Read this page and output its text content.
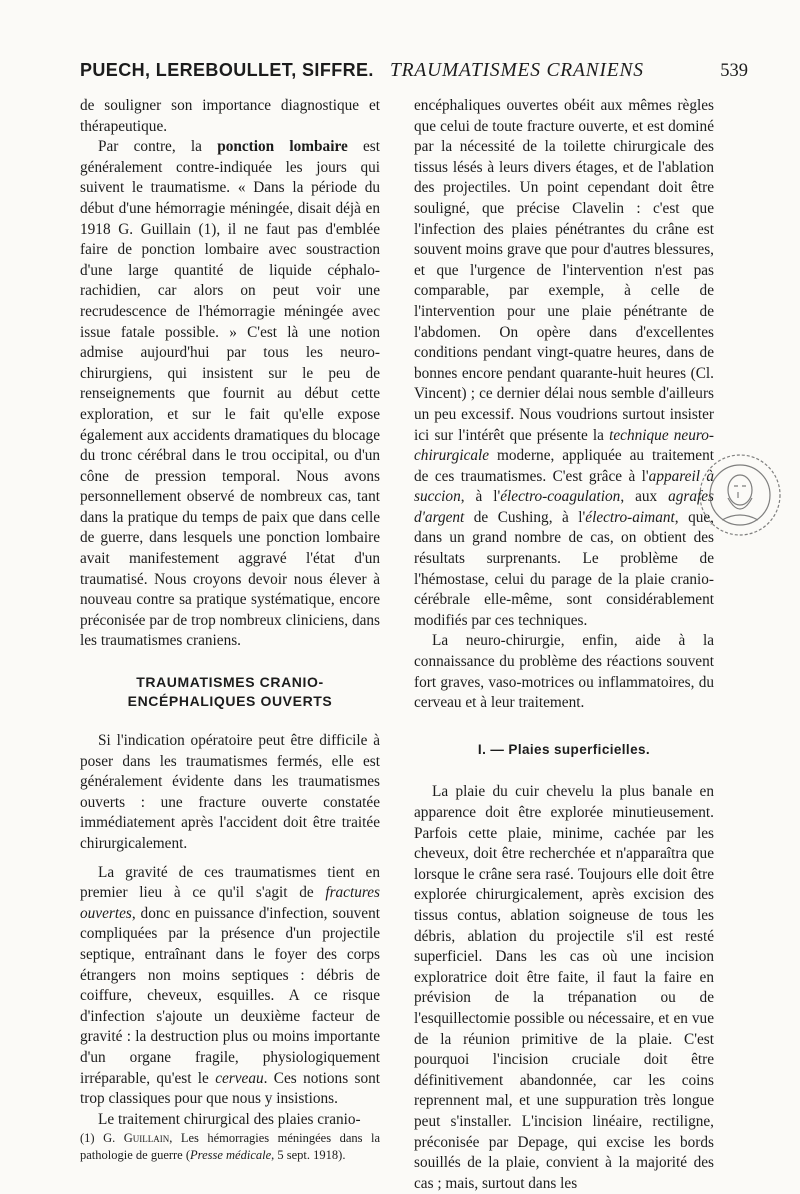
PUECH, LEREBOULLET, SIFFRE. TRAUMATISMES CRANIENS	539

de souligner son importance diagnostique et thérapeutique.

Par contre, la ponction lombaire est généralement contre-indiquée les jours qui suivent le traumatisme. « Dans la période du début d'une hémorragie méningée, disait déjà en 1918 G. Guillain (1), il ne faut pas d'emblée faire de ponction lombaire avec soustraction d'une large quantité de liquide céphalo-rachidien, car alors on peut voir une recrudescence de l'hémorragie méningée avec issue fatale possible. » C'est là une notion admise aujourd'hui par tous les neuro-chirurgiens, qui insistent sur le peu de renseignements que fournit au début cette exploration, et sur le fait qu'elle expose également aux accidents dramatiques du blocage du tronc cérébral dans le trou occipital, ou d'un cône de pression temporal. Nous avons personnellement observé de nombreux cas, tant dans la pratique du temps de paix que dans celle de guerre, dans lesquels une ponction lombaire avait manifestement aggravé l'état d'un traumatisé. Nous croyons devoir nous élever à nouveau contre sa pratique systématique, encore préconisée par de trop nombreux cliniciens, dans les traumatismes craniens.

TRAUMATISMES CRANIO-ENCÉPHALIQUES OUVERTS

Si l'indication opératoire peut être difficile à poser dans les traumatismes fermés, elle est généralement évidente dans les traumatismes ouverts : une fracture ouverte constatée immédiatement après l'accident doit être traitée chirurgicalement.

La gravité de ces traumatismes tient en premier lieu à ce qu'il s'agit de fractures ouvertes, donc en puissance d'infection, souvent compliquées par la présence d'un projectile septique, entraînant dans le foyer des corps étrangers non moins septiques : débris de coiffure, cheveux, esquilles. A ce risque d'infection s'ajoute un deuxième facteur de gravité : la destruction plus ou moins importante d'un organe fragile, physiologiquement irréparable, qu'est le cerveau. Ces notions sont trop classiques pour que nous y insistions.

Le traitement chirurgical des plaies cranio-

(1) G. Guillain, Les hémorragies méningées dans la pathologie de guerre (Presse médicale, 5 sept. 1918).

encéphaliques ouvertes obéit aux mêmes règles que celui de toute fracture ouverte, et est dominé par la nécessité de la toilette chirurgicale des tissus lésés à leurs divers étages, et de l'ablation des projectiles. Un point cependant doit être souligné, que précise Clavelin : c'est que l'infection des plaies pénétrantes du crâne est souvent moins grave que pour d'autres blessures, et que l'urgence de l'intervention n'est pas comparable, par exemple, à celle de l'intervention pour une plaie pénétrante de l'abdomen. On opère dans d'excellentes conditions pendant vingt-quatre heures, dans de bonnes encore pendant quarante-huit heures (Cl. Vincent) ; ce dernier délai nous semble d'ailleurs un peu excessif. Nous voudrions surtout insister ici sur l'intérêt que présente la technique neuro-chirurgicale moderne, appliquée au traitement de ces traumatismes. C'est grâce à l'appareil à succion, à l'électro-coagulation, aux agrafes d'argent de Cushing, à l'électro-aimant, que, dans un grand nombre de cas, on obtient des résultats surprenants. Le problème de l'hémostase, celui du parage de la plaie cranio-cérébrale elle-même, sont considérablement modifiés par ces techniques.

La neuro-chirurgie, enfin, aide à la connaissance du problème des réactions souvent fort graves, vaso-motrices ou inflammatoires, du cerveau et à leur traitement.

I. — Plaies superficielles.

La plaie du cuir chevelu la plus banale en apparence doit être explorée minutieusement. Parfois cette plaie, minime, cachée par les cheveux, doit être recherchée et n'apparaîtra que lorsque le crâne sera rasé. Toujours elle doit être explorée chirurgicalement, après excision des tissus contus, ablation soigneuse de tous les débris, ablation du projectile s'il est resté superficiel. Dans les cas où une incision exploratrice doit être faite, il faut la faire en prévision de la trépanation ou de l'esquillectomie possible ou nécessaire, et en vue de la réunion primitive de la plaie. C'est pourquoi l'incision cruciale doit être définitivement abandonnée, car les coins reprennent mal, et une suppuration très longue peut s'installer. L'incision linéaire, rectiligne, préconisée par Depage, qui excise les bords souillés de la plaie, convient à la majorité des cas ; mais, surtout dans les
